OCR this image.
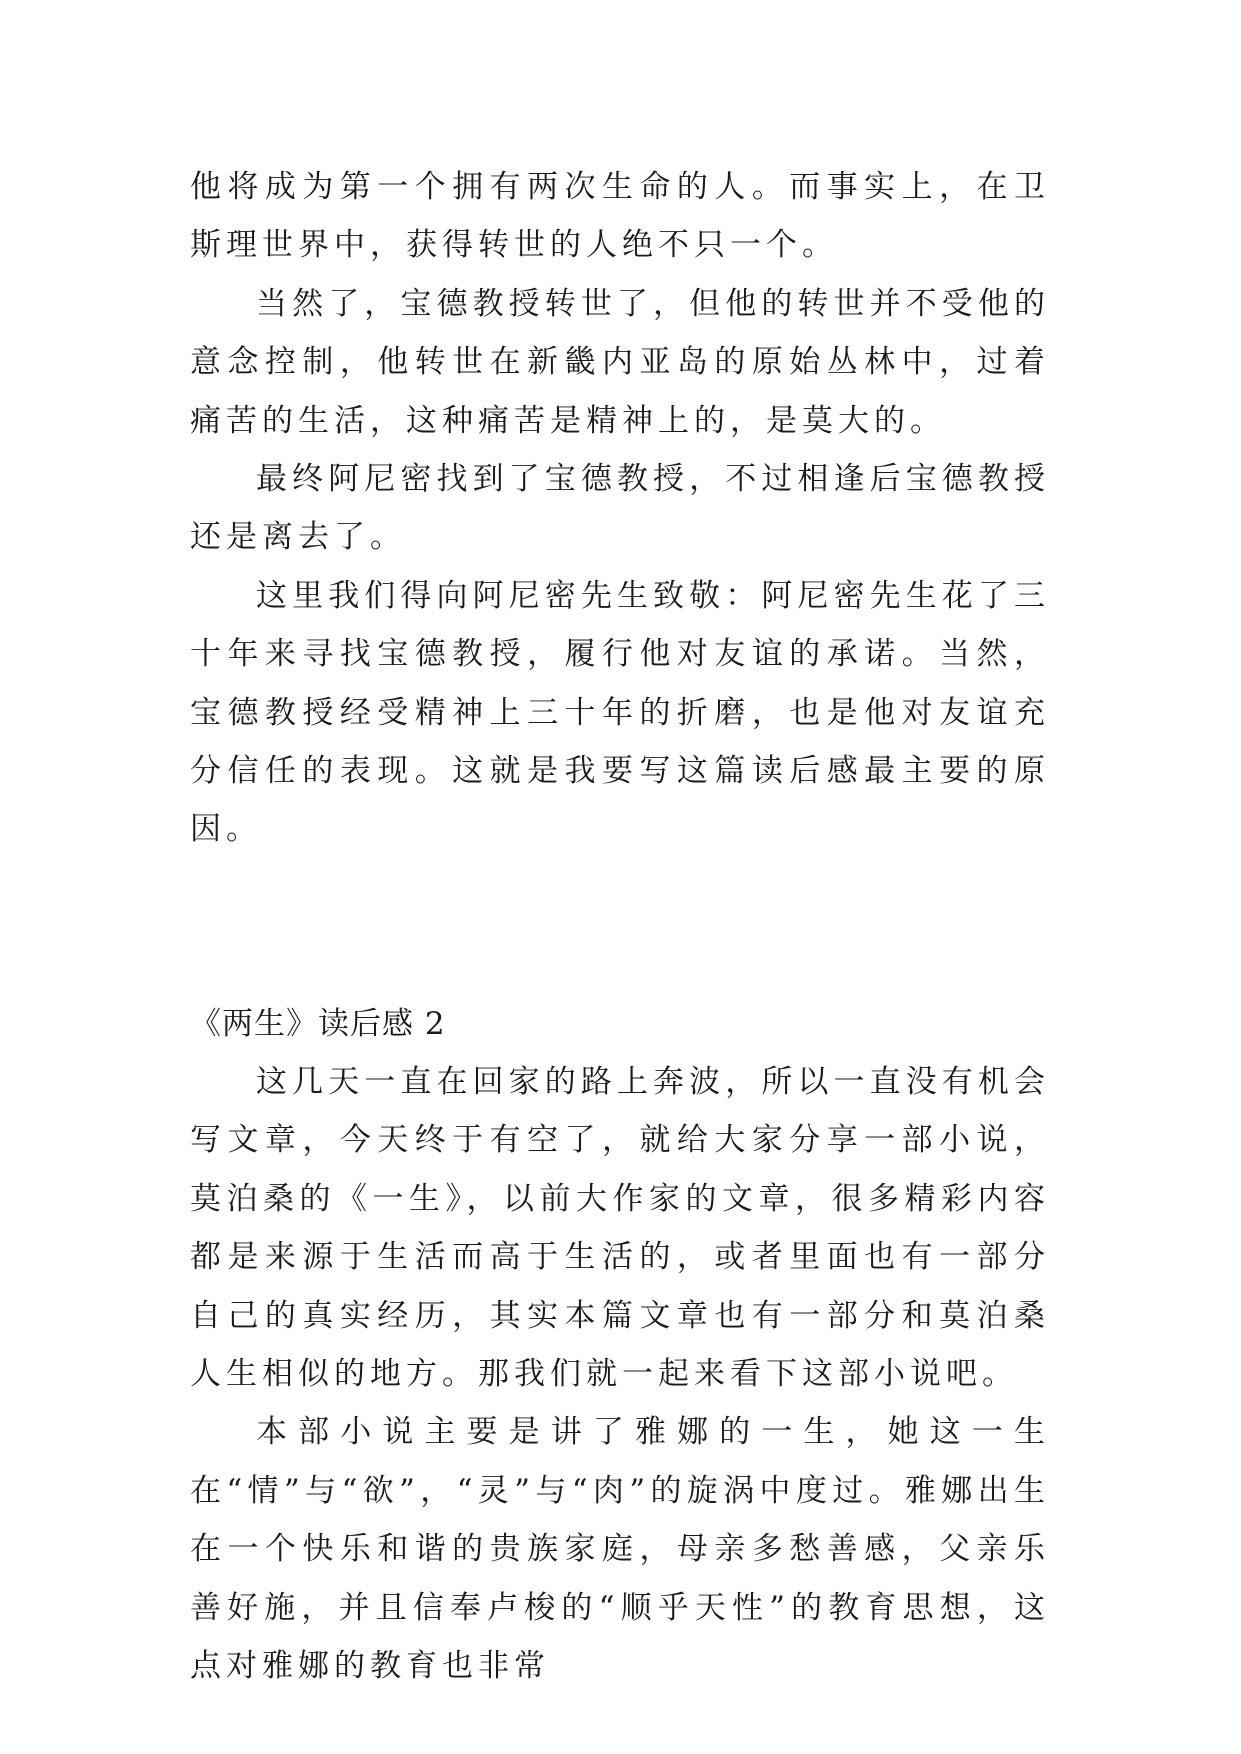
他将成为第一个拥有两次生命的人。而事实上，在卫斯理世界中，获得转世的人绝不只一个。

当然了，宝德教授转世了，但他的转世并不受他的意念控制，他转世在新畿内亚岛的原始丛林中，过着痛苦的生活，这种痛苦是精神上的，是莫大的。

最终阿尼密找到了宝德教授，不过相逢后宝德教授还是离去了。

这里我们得向阿尼密先生致敬：阿尼密先生花了三十年来寻找宝德教授，履行他对友谊的承诺。当然，宝德教授经受精神上三十年的折磨，也是他对友谊充分信任的表现。这就是我要写这篇读后感最主要的原因。

《两生》读后感 2

这几天一直在回家的路上奔波，所以一直没有机会写文章，今天终于有空了，就给大家分享一部小说，莫泊桑的《一生》，以前大作家的文章，很多精彩内容都是来源于生活而高于生活的，或者里面也有一部分自己的真实经历，其实本篇文章也有一部分和莫泊桑人生相似的地方。那我们就一起来看下这部小说吧。

本部小说主要是讲了雅娜的一生，她这一生在“情”与“欲”，“灵”与“肉”的旋涡中度过。雅娜出生在一个快乐和谐的贵族家庭，母亲多愁善感，父亲乐善好施，并且信奉卢梭的“顺乎天性”的教育思想，这点对雅娜的教育也非常
